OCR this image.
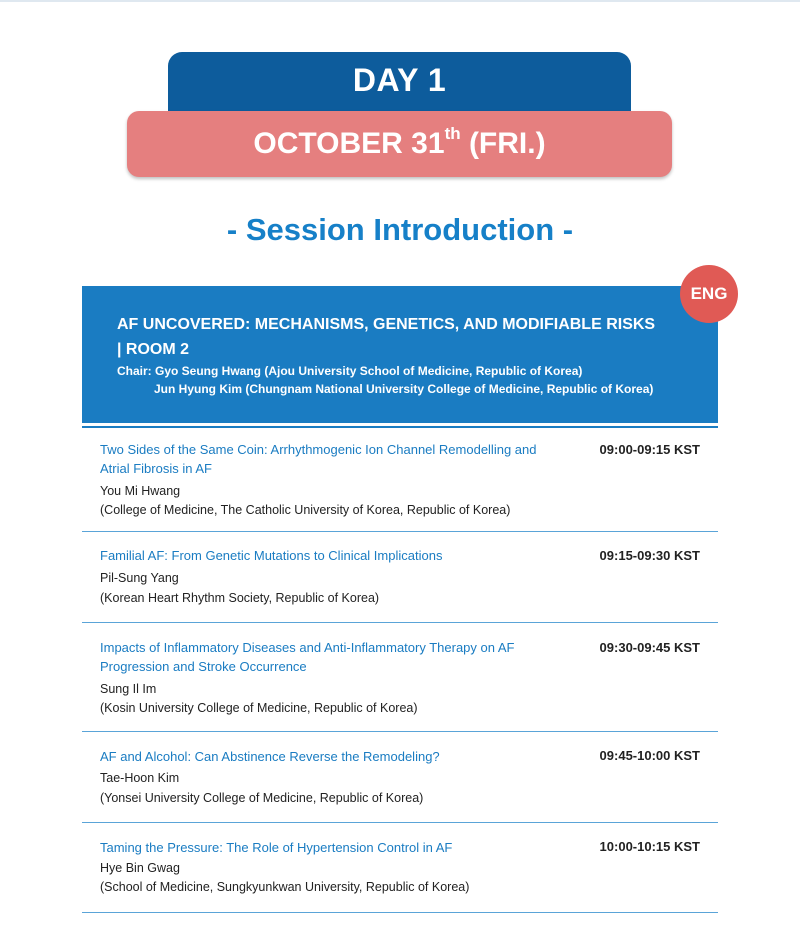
DAY 1
OCTOBER 31th (FRI.)
- Session Introduction -
AF UNCOVERED: MECHANISMS, GENETICS, AND MODIFIABLE RISKS
| ROOM 2
Chair: Gyo Seung Hwang (Ajou University School of Medicine, Republic of Korea)
Jun Hyung Kim (Chungnam National University College of Medicine, Republic of Korea)
ENG
Two Sides of the Same Coin: Arrhythmogenic Ion Channel Remodelling and Atrial Fibrosis in AF
09:00-09:15 KST
You Mi Hwang
(College of Medicine, The Catholic University of Korea, Republic of Korea)
Familial AF: From Genetic Mutations to Clinical Implications	09:15-09:30 KST
Pil-Sung Yang
(Korean Heart Rhythm Society, Republic of Korea)
Impacts of Inflammatory Diseases and Anti-Inflammatory Therapy on AF Progression and Stroke Occurrence
09:30-09:45 KST
Sung Il Im
(Kosin University College of Medicine, Republic of Korea)
AF and Alcohol: Can Abstinence Reverse the Remodeling?	09:45-10:00 KST
Tae-Hoon Kim
(Yonsei University College of Medicine, Republic of Korea)
Taming the Pressure: The Role of Hypertension Control in AF	10:00-10:15 KST
Hye Bin Gwag
(School of Medicine, Sungkyunkwan University, Republic of Korea)
